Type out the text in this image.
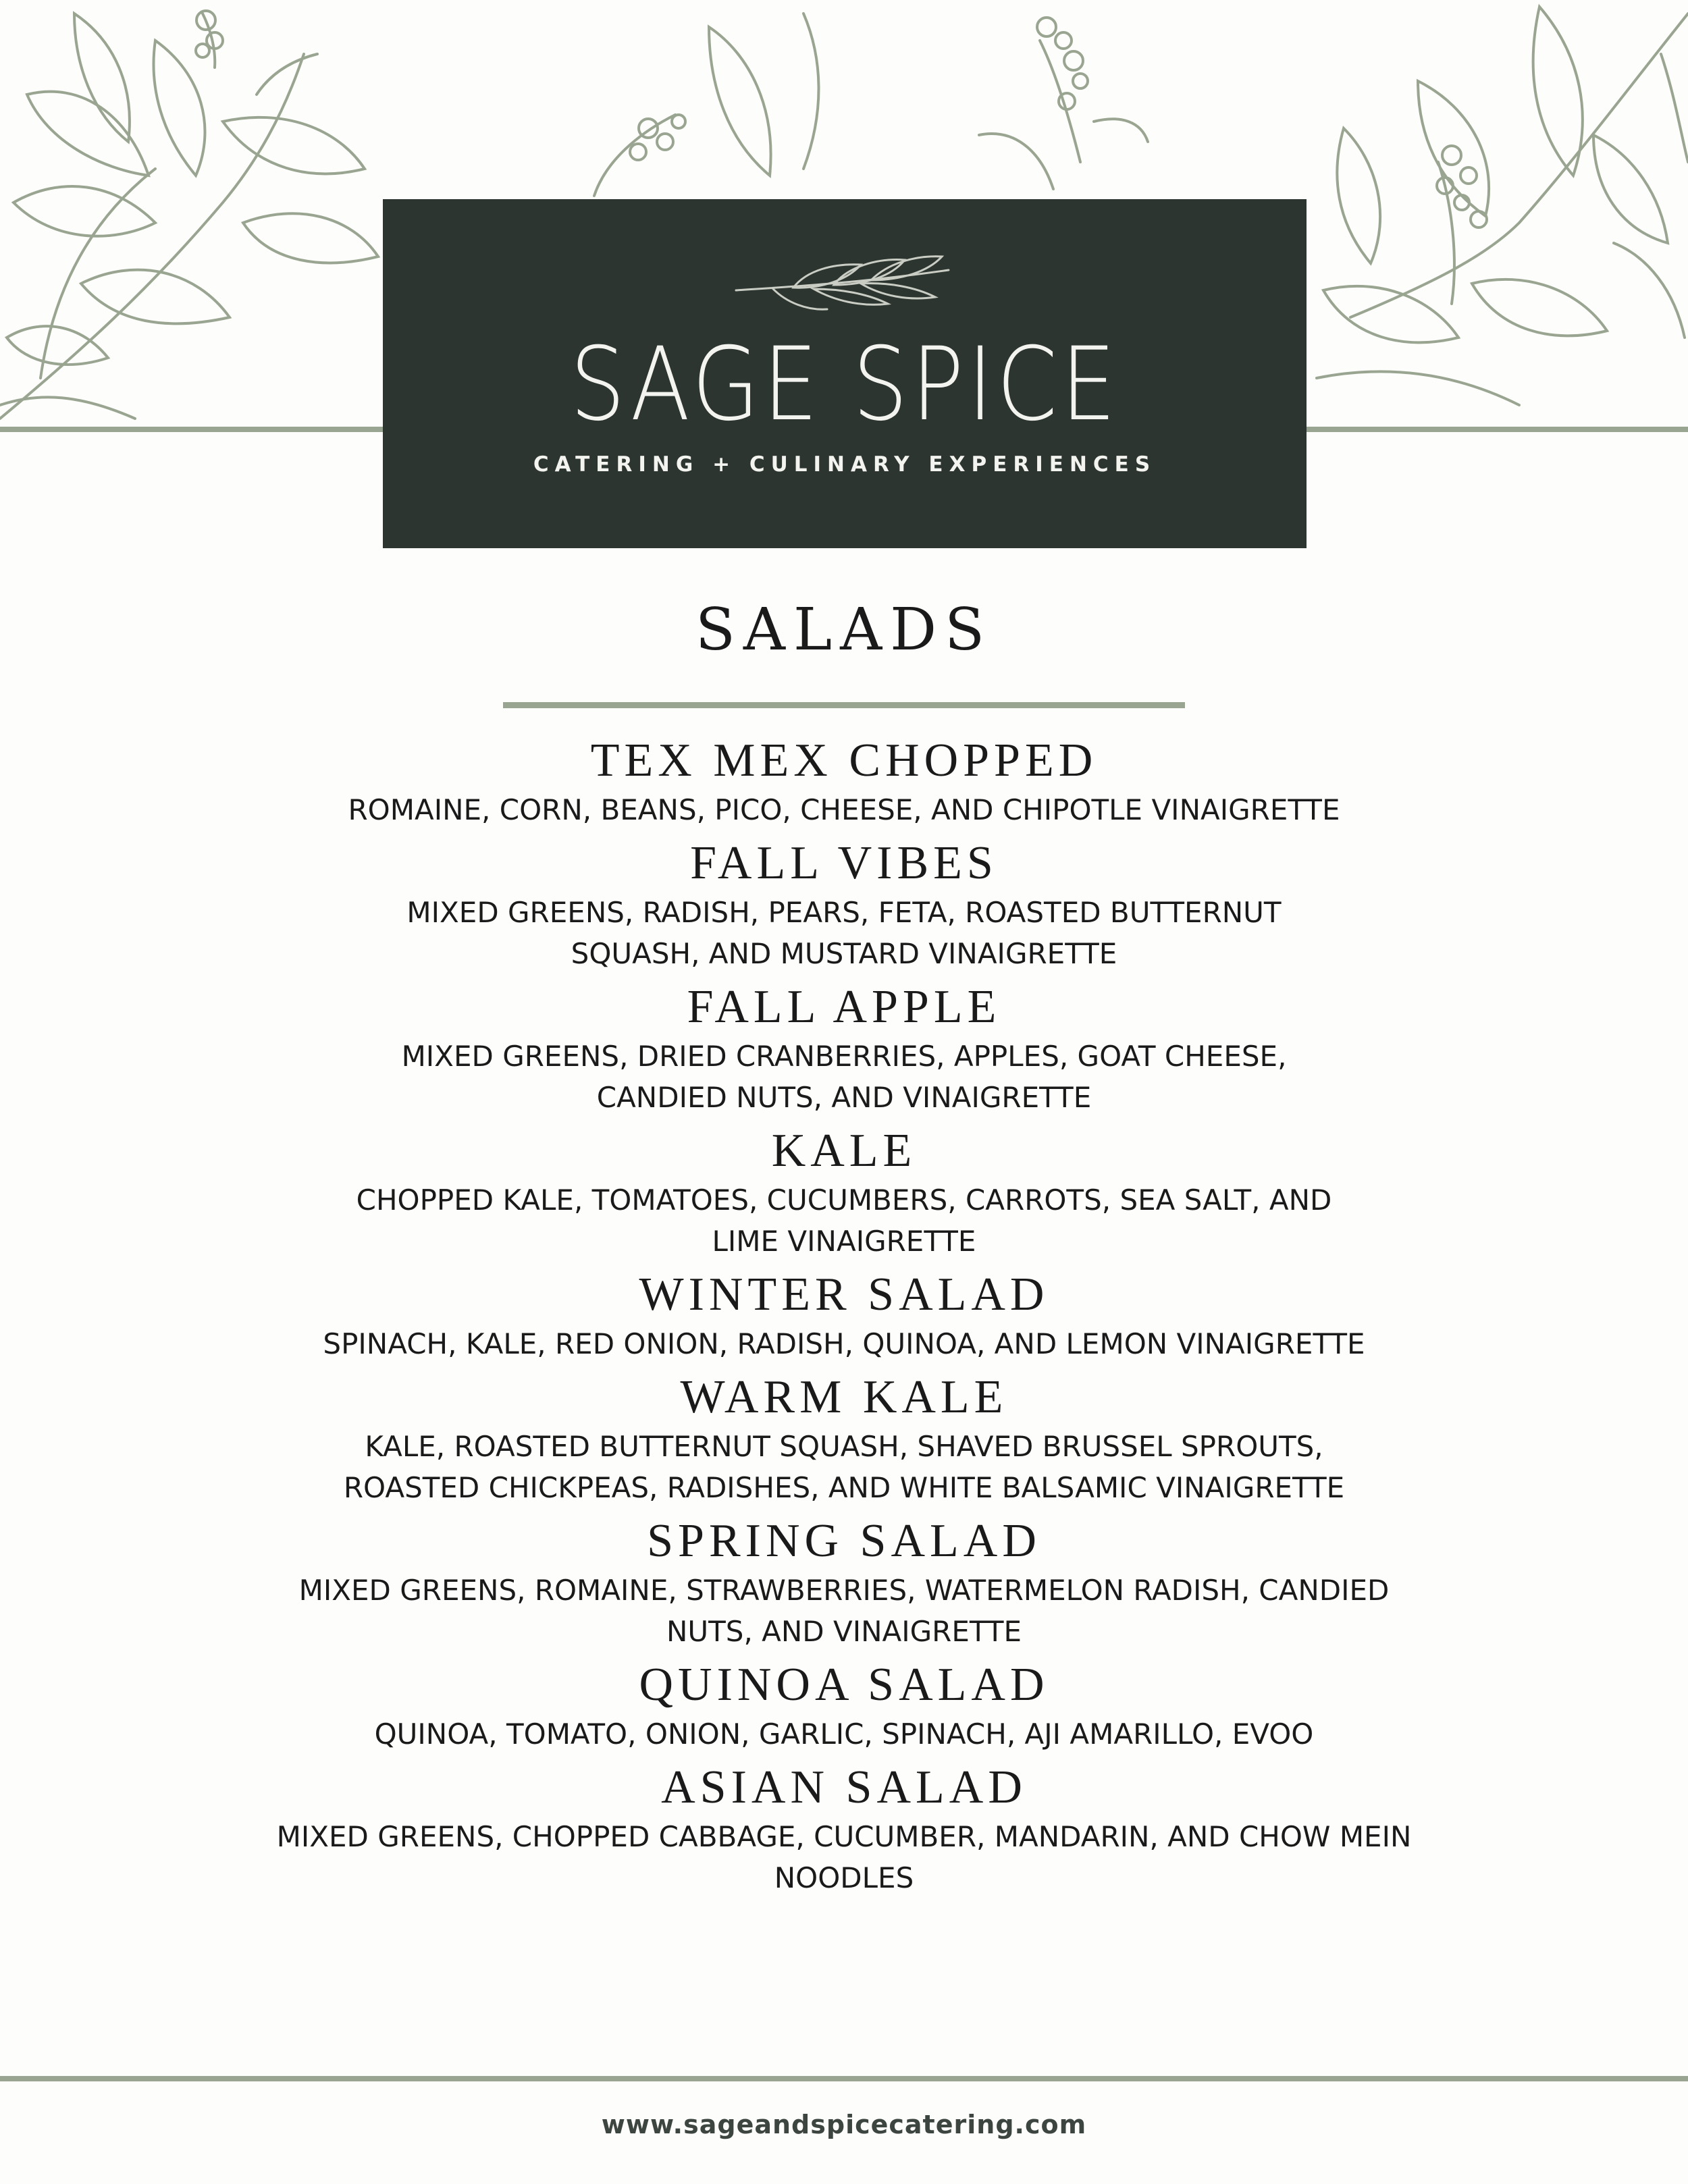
SAGE SPICE
CATERING + CULINARY EXPERIENCES
SALADS
TEX MEX CHOPPED
ROMAINE, CORN, BEANS, PICO, CHEESE, AND CHIPOTLE VINAIGRETTE
FALL VIBES
MIXED GREENS, RADISH, PEARS, FETA, ROASTED BUTTERNUT
SQUASH, AND MUSTARD VINAIGRETTE
FALL APPLE
MIXED GREENS, DRIED CRANBERRIES, APPLES, GOAT CHEESE,
CANDIED NUTS, AND VINAIGRETTE
KALE
CHOPPED KALE, TOMATOES, CUCUMBERS, CARROTS, SEA SALT, AND
LIME VINAIGRETTE
WINTER SALAD
SPINACH, KALE, RED ONION, RADISH, QUINOA, AND LEMON VINAIGRETTE
WARM KALE
KALE, ROASTED BUTTERNUT SQUASH, SHAVED BRUSSEL SPROUTS,
ROASTED CHICKPEAS, RADISHES, AND WHITE BALSAMIC VINAIGRETTE
SPRING SALAD
MIXED GREENS, ROMAINE, STRAWBERRIES, WATERMELON RADISH, CANDIED
NUTS, AND VINAIGRETTE
QUINOA SALAD
QUINOA, TOMATO, ONION, GARLIC, SPINACH, AJI AMARILLO, EVOO
ASIAN SALAD
MIXED GREENS, CHOPPED CABBAGE, CUCUMBER, MANDARIN, AND CHOW MEIN
NOODLES
www.sageandspicecatering.com
